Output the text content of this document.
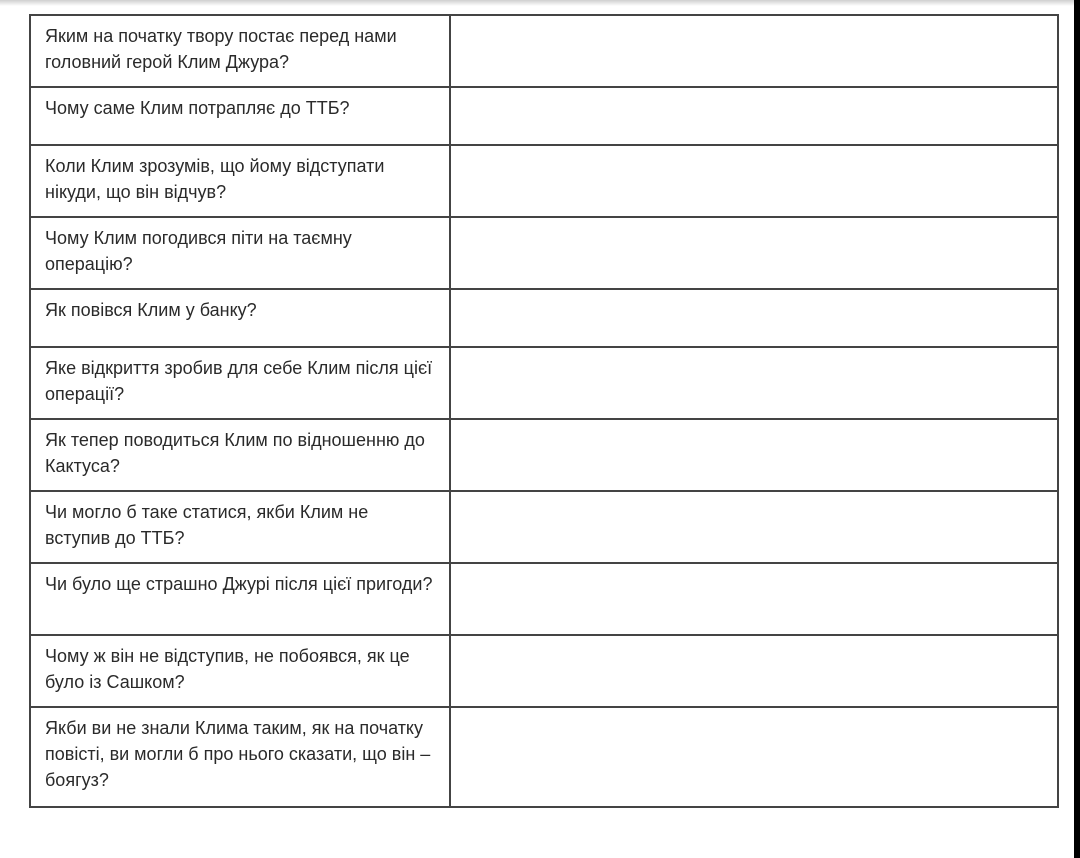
Яким на початку твору постає перед нами головний герой Клим Джура?	
Чому саме Клим потрапляє до ТТБ?	
Коли Клим зрозумів, що йому відступати нікуди, що він відчув?	
Чому Клим погодився піти на таємну операцію?	
Як повівся Клим у банку?	
Яке відкриття зробив для себе Клим після цієї операції?	
Як тепер поводиться Клим по відношенню до Кактуса?	
Чи могло б таке статися, якби Клим не вступив до ТТБ?	
Чи було ще страшно Джурі після цієї пригоди?	
Чому ж він не відступив, не побоявся, як це було із Сашком?	
Якби ви не знали Клима таким, як на початку повісті, ви могли б про нього сказати, що він – боягуз?	
